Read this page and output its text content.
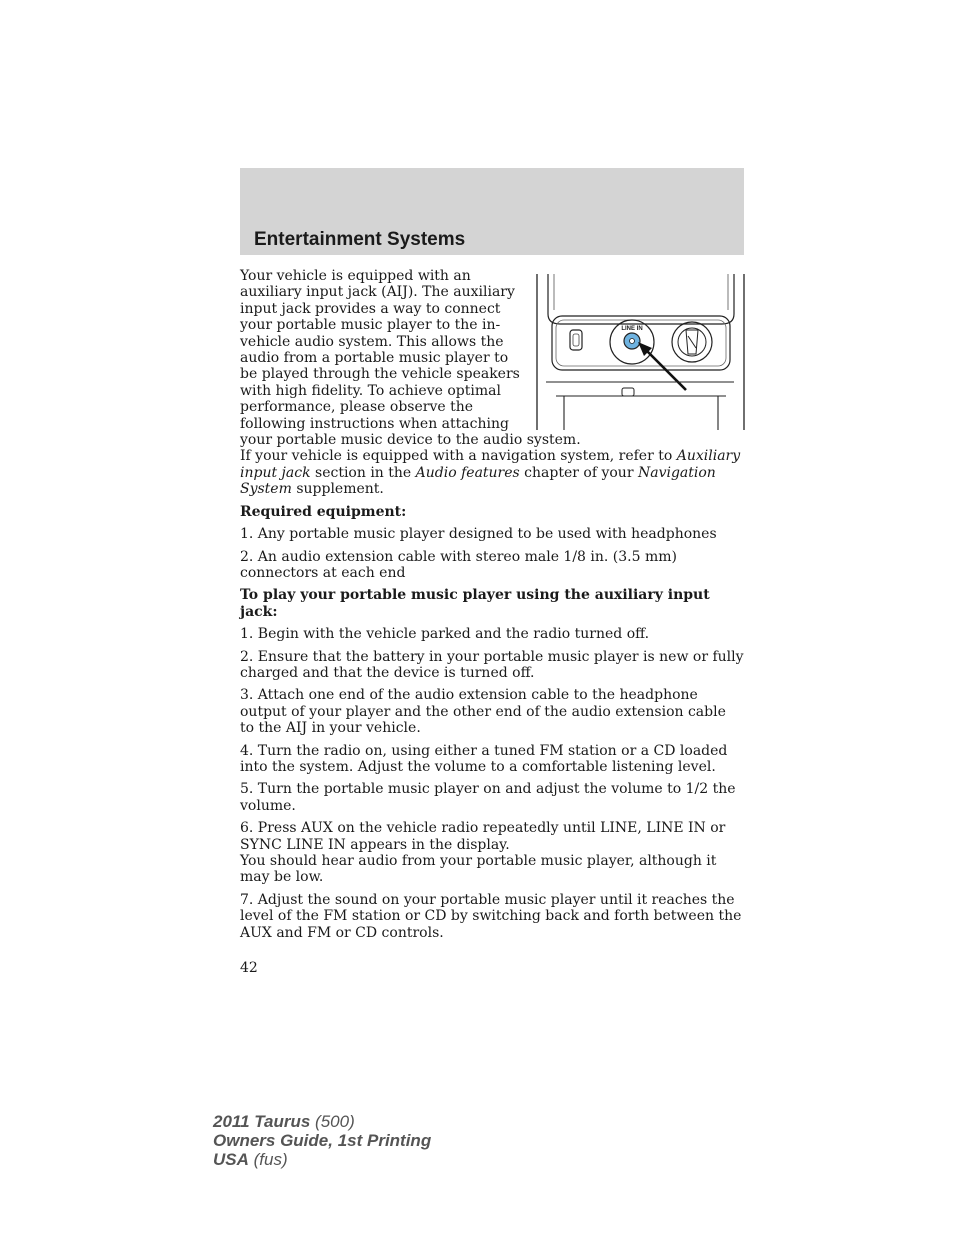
Entertainment Systems
LINE IN

Your vehicle is equipped with an auxiliary input jack (AIJ). The auxiliary input jack provides a way to connect your portable music player to the in-vehicle audio system. This allows the audio from a portable music player to be played through the vehicle speakers with high fidelity. To achieve optimal performance, please observe the following instructions when attaching your portable music device to the audio system.

If your vehicle is equipped with a navigation system, refer to Auxiliary input jack section in the Audio features chapter of your Navigation System supplement.

Required equipment:

1. Any portable music player designed to be used with headphones

2. An audio extension cable with stereo male 1/8 in. (3.5 mm) connectors at each end

To play your portable music player using the auxiliary input jack:

1. Begin with the vehicle parked and the radio turned off.

2. Ensure that the battery in your portable music player is new or fully charged and that the device is turned off.

3. Attach one end of the audio extension cable to the headphone output of your player and the other end of the audio extension cable to the AIJ in your vehicle.

4. Turn the radio on, using either a tuned FM station or a CD loaded into the system. Adjust the volume to a comfortable listening level.

5. Turn the portable music player on and adjust the volume to 1/2 the volume.

6. Press AUX on the vehicle radio repeatedly until LINE, LINE IN or SYNC LINE IN appears in the display.

You should hear audio from your portable music player, although it may be low.

7. Adjust the sound on your portable music player until it reaches the level of the FM station or CD by switching back and forth between the AUX and FM or CD controls.

42
2011 Taurus (500)
Owners Guide, 1st Printing
USA (fus)
